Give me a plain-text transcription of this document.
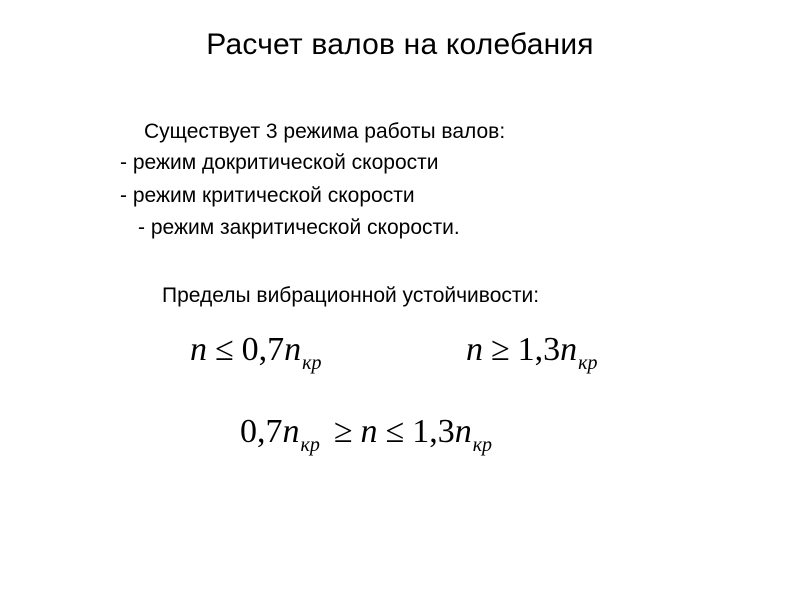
Расчет валов на колебания
Существует 3 режима работы валов:
- режим докритической скорости
- режим критической скорости
- режим закритической скорости.
Пределы вибрационной устойчивости:
$n \le 0,7n_{кр}$	$n \ge 1,3n_{кр}$
$0,7n_{кр} \ge n \le 1,3n_{кр}$
